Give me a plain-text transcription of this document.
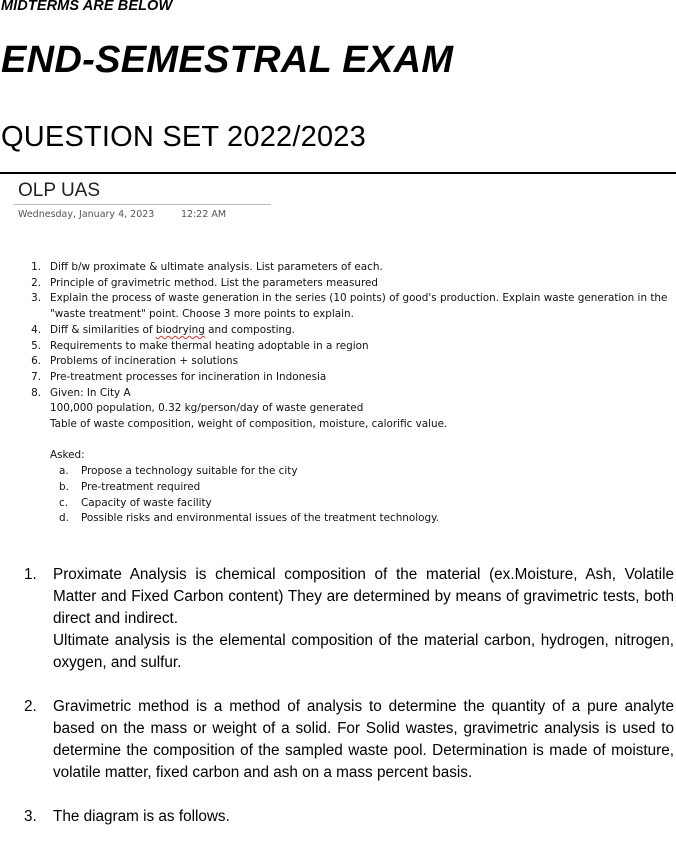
MIDTERMS ARE BELOW
END-SEMESTRAL EXAM
QUESTION SET 2022/2023
OLP UAS
Wednesday, January 4, 2023	12:22 AM
1. Diff b/w proximate & ultimate analysis. List parameters of each.
2. Principle of gravimetric method. List the parameters measured
3. Explain the process of waste generation in the series (10 points) of good's production. Explain waste generation in the "waste treatment" point. Choose 3 more points to explain.
4. Diff & similarities of biodrying and composting.
5. Requirements to make thermal heating adoptable in a region
6. Problems of incineration + solutions
7. Pre-treatment processes for incineration in Indonesia
8. Given: In City A
100,000 population, 0.32 kg/person/day of waste generated
Table of waste composition, weight of composition, moisture, calorific value.
Asked:
a. Propose a technology suitable for the city
b. Pre-treatment required
c. Capacity of waste facility
d. Possible risks and environmental issues of the treatment technology.
1. Proximate Analysis is chemical composition of the material (ex.Moisture, Ash, Volatile Matter and Fixed Carbon content) They are determined by means of gravimetric tests, both direct and indirect.

Ultimate analysis is the elemental composition of the material carbon, hydrogen, nitrogen, oxygen, and sulfur.

2. Gravimetric method is a method of analysis to determine the quantity of a pure analyte based on the mass or weight of a solid. For Solid wastes, gravimetric analysis is used to determine the composition of the sampled waste pool. Determination is made of moisture, volatile matter, fixed carbon and ash on a mass percent basis.

3. The diagram is as follows.
